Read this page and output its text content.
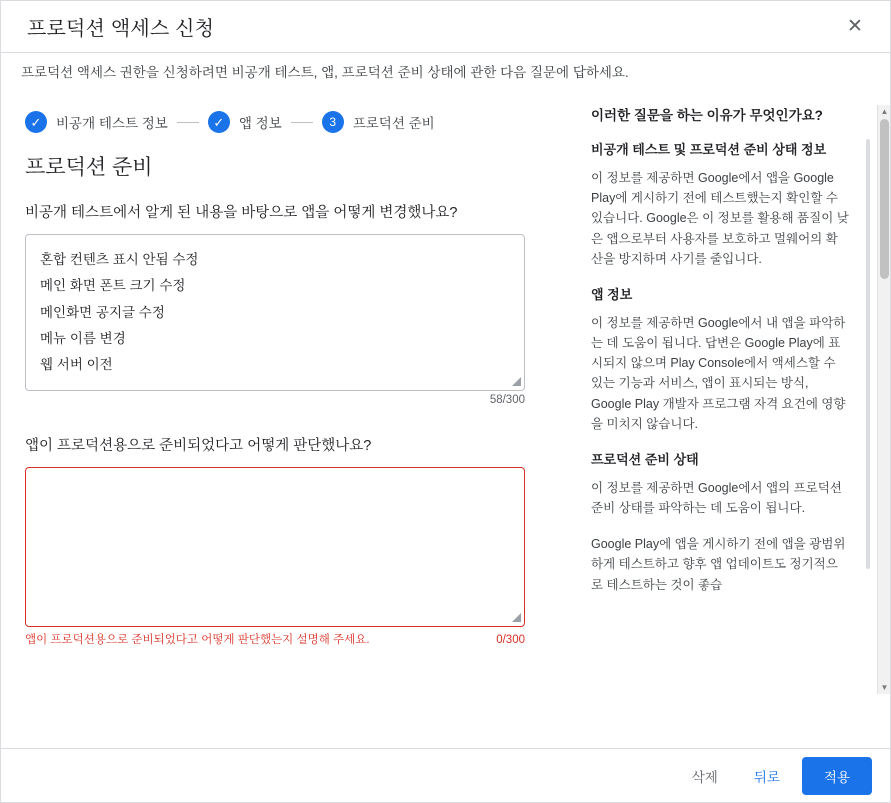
프로덕션 액세스 신청	✕
프로덕션 액세스 권한을 신청하려면 비공개 테스트, 앱, 프로덕션 준비 상태에 관한 다음 질문에 답하세요.
✓	비공개 테스트 정보	✓	앱 정보	3	프로덕션 준비
프로덕션 준비

비공개 테스트에서 알게 된 내용을 바탕으로 앱을 어떻게 변경했나요?

혼합 컨텐츠 표시 안됨 수정 메인 화면 폰트 크기 수정 메인화면 공지글 수정 메뉴 이름 변경 웹 서버 이전
58/300

앱이 프로덕션용으로 준비되었다고 어떻게 판단했나요?

앱이 프로덕션용으로 준비되었다고 어떻게 판단했는지 설명해 주세요.	0/300

이러한 질문을 하는 이유가 무엇인가요?

비공개 테스트 및 프로덕션 준비 상태 정보

이 정보를 제공하면 Google에서 앱을 Google Play에 게시하기 전에 테스트했는지 확인할 수 있습니다. Google은 이 정보를 활용해 품질이 낮은 앱으로부터 사용자를 보호하고 멀웨어의 확산을 방지하며 사기를 줄입니다.

앱 정보

이 정보를 제공하면 Google에서 내 앱을 파악하는 데 도움이 됩니다. 답변은 Google Play에 표시되지 않으며 Play Console에서 액세스할 수 있는 기능과 서비스, 앱이 표시되는 방식, Google Play 개발자 프로그램 자격 요건에 영향을 미치지 않습니다.

프로덕션 준비 상태

이 정보를 제공하면 Google에서 앱의 프로덕션 준비 상태를 파악하는 데 도움이 됩니다.

Google Play에 앱을 게시하기 전에 앱을 광범위하게 테스트하고 향후 앱 업데이트도 정기적으로 테스트하는 것이 좋습

▲
▼
삭제	뒤로	적용
